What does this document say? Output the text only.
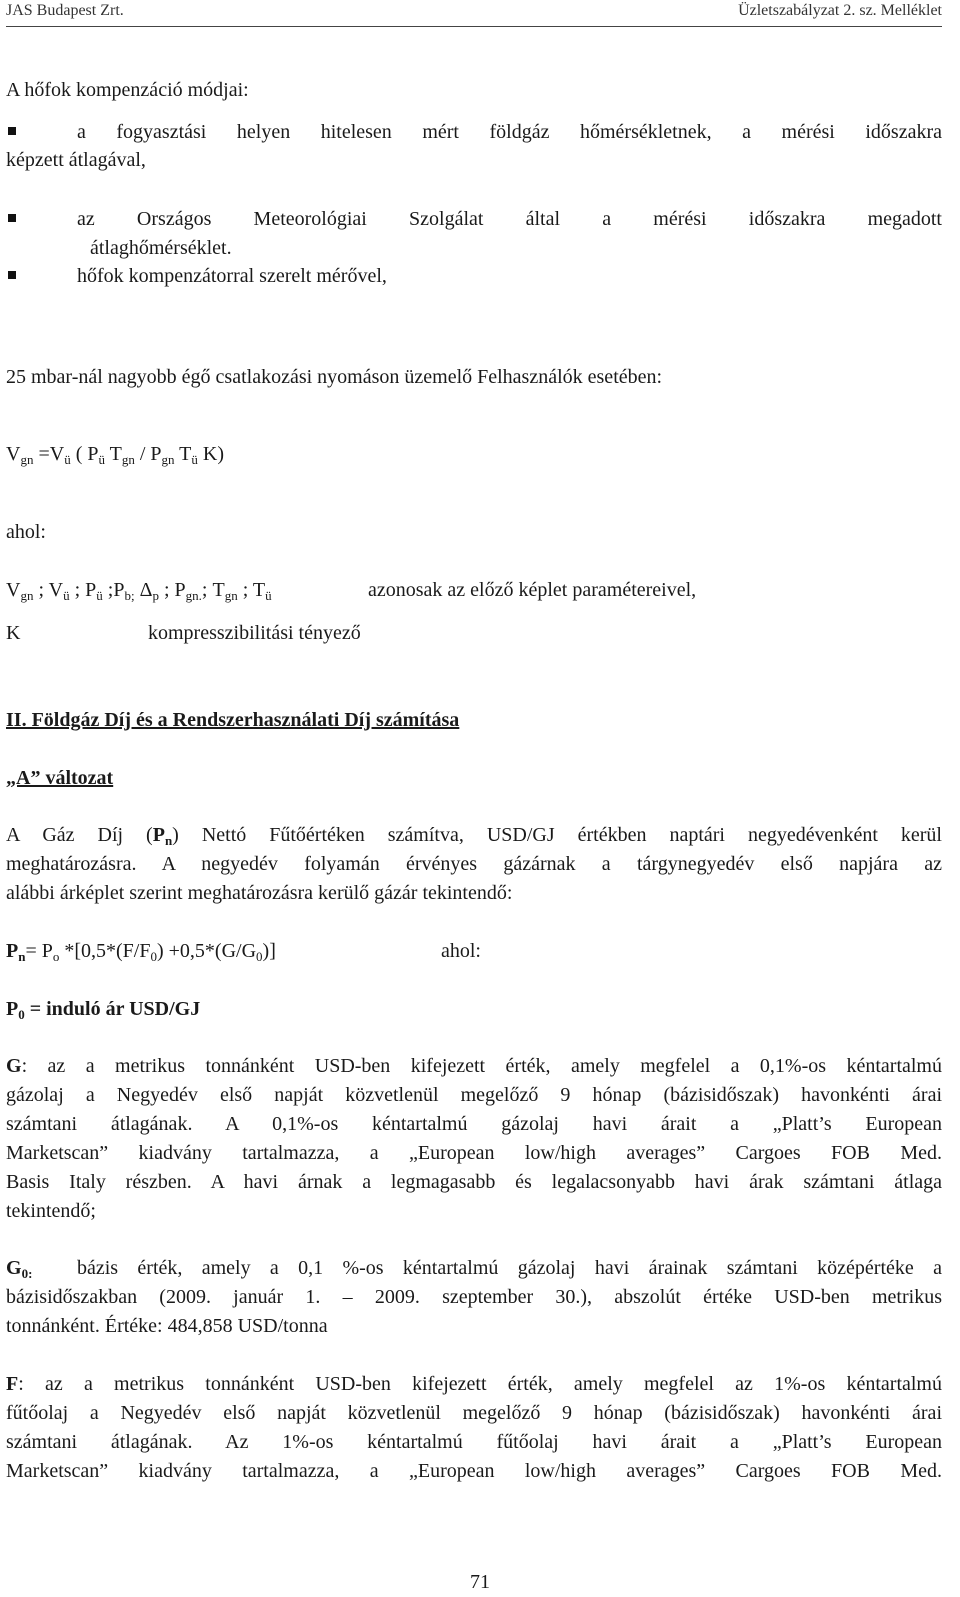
JAS Budapest Zrt.	Üzletszabályzat 2. sz. Melléklet
A hőfok kompenzáció módjai:
a fogyasztási helyen hitelesen mért földgáz hőmérsékletnek, a mérési időszakra
képzett átlagával,
az Országos Meteorológiai Szolgálat által a mérési időszakra megadott
átlaghőmérséklet.
hőfok kompenzátorral szerelt mérővel,
25 mbar-nál nagyobb égő csatlakozási nyomáson üzemelő Felhasználók esetében:
$V_{gn} =V_ü$ ( $P_ü$ $T_{gn} / P_{gn}$ $T_ü$ K)
ahol:
$V_{gn}$ ; $V_ü$ ; $P_ü$ $;P_{b;}$ $\Delta_p$ ; $P_{gn.}$; $T_{gn}$ ; $T_ü$	azonosak az előző képlet paramétereivel,
K	kompresszibilitási tényező
II. Földgáz Díj és a Rendszerhasználati Díj számítása
„A” változat
A Gáz Díj $(P_n)$ Nettó Fűtőértéken számítva, USD/GJ értékben naptári negyedévenként kerül
meghatározásra. A negyedév folyamán érvényes gázárnak a tárgynegyedév első napjára az
alábbi árképlet szerint meghatározásra kerülő gázár tekintendő:
$P_n= P_o$ $*[0,5*(F/F_0) +0,5*(G/G_0)]$	ahol:
$P_0$ = induló ár USD/GJ
G: az a metrikus tonnánként USD-ben kifejezett érték, amely megfelel a 0,1%-os kéntartalmú
gázolaj a Negyedév első napját közvetlenül megelőző 9 hónap (bázisidőszak) havonkénti árai
számtani átlagának. A 0,1%-os kéntartalmú gázolaj havi árait a „Platt’s European
Marketscan” kiadvány tartalmazza, a „European low/high averages” Cargoes FOB Med.
Basis Italy részben. A havi árnak a legmagasabb és legalacsonyabb havi árak számtani átlaga
tekintendő;
$G_{0:}$	bázis érték, amely a 0,1 %-os kéntartalmú gázolaj havi árainak számtani középértéke a
bázisidőszakban (2009. január 1. – 2009. szeptember 30.), abszolút értéke USD-ben metrikus
tonnánként. Értéke: 484,858 USD/tonna
F: az a metrikus tonnánként USD-ben kifejezett érték, amely megfelel az 1%-os kéntartalmú
fűtőolaj a Negyedév első napját közvetlenül megelőző 9 hónap (bázisidőszak) havonkénti árai
számtani átlagának. Az 1%-os kéntartalmú fűtőolaj havi árait a „Platt’s European
Marketscan” kiadvány tartalmazza, a „European low/high averages” Cargoes FOB Med.
71
